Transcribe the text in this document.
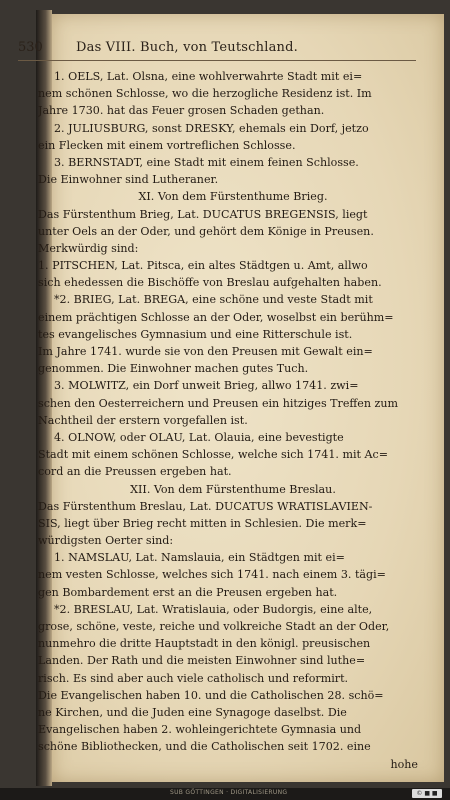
530	Das VIII. Buch, von Teutschland.
1. OELS, Lat. Olsna, eine wohlverwahrte Stadt mit ei=
nem schönen Schlosse, wo die herzogliche Residenz ist. Im
Jahre 1730. hat das Feuer grosen Schaden gethan.
2. JULIUSBURG, sonst DRESKY, ehemals ein Dorf, jetzo
ein Flecken mit einem vortreflichen Schlosse.
3. BERNSTADT, eine Stadt mit einem feinen Schlosse.
Die Einwohner sind Lutheraner.
XI. Von dem Fürstenthume Brieg.
Das Fürstenthum Brieg, Lat. DUCATUS BREGENSIS, liegt
unter Oels an der Oder, und gehört dem Könige in Preusen.
Merkwürdig sind:
1. PITSCHEN, Lat. Pitsca, ein altes Städtgen u. Amt, allwo
sich ehedessen die Bischöffe von Breslau aufgehalten haben.
*2. BRIEG, Lat. BREGA, eine schöne und veste Stadt mit
einem prächtigen Schlosse an der Oder, woselbst ein berühm=
tes evangelisches Gymnasium und eine Ritterschule ist.
Im Jahre 1741. wurde sie von den Preusen mit Gewalt ein=
genommen. Die Einwohner machen gutes Tuch.
3. MOLWITZ, ein Dorf unweit Brieg, allwo 1741. zwi=
schen den Oesterreichern und Preusen ein hitziges Treffen zum
Nachtheil der erstern vorgefallen ist.
4. OLNOW, oder OLAU, Lat. Olauia, eine bevestigte
Stadt mit einem schönen Schlosse, welche sich 1741. mit Ac=
cord an die Preussen ergeben hat.
XII. Von dem Fürstenthume Breslau.
Das Fürstenthum Breslau, Lat. DUCATUS WRATISLAVIEN-
SIS, liegt über Brieg recht mitten in Schlesien. Die merk=
würdigsten Oerter sind:
1. NAMSLAU, Lat. Namslauia, ein Städtgen mit ei=
nem vesten Schlosse, welches sich 1741. nach einem 3. tägi=
gen Bombardement erst an die Preusen ergeben hat.
*2. BRESLAU, Lat. Wratislauia, oder Budorgis, eine alte,
grose, schöne, veste, reiche und volkreiche Stadt an der Oder,
nunmehro die dritte Hauptstadt in den königl. preusischen
Landen. Der Rath und die meisten Einwohner sind luthe=
risch. Es sind aber auch viele catholisch und reformirt.
Die Evangelischen haben 10. und die Catholischen 28. schö=
ne Kirchen, und die Juden eine Synagoge daselbst. Die
Evangelischen haben 2. wohleingerichtete Gymnasia und
schöne Bibliothecken, und die Catholischen seit 1702. eine
hohe
SUB GÖTTINGEN · DIGITALISIERUNG	© ■ ■
